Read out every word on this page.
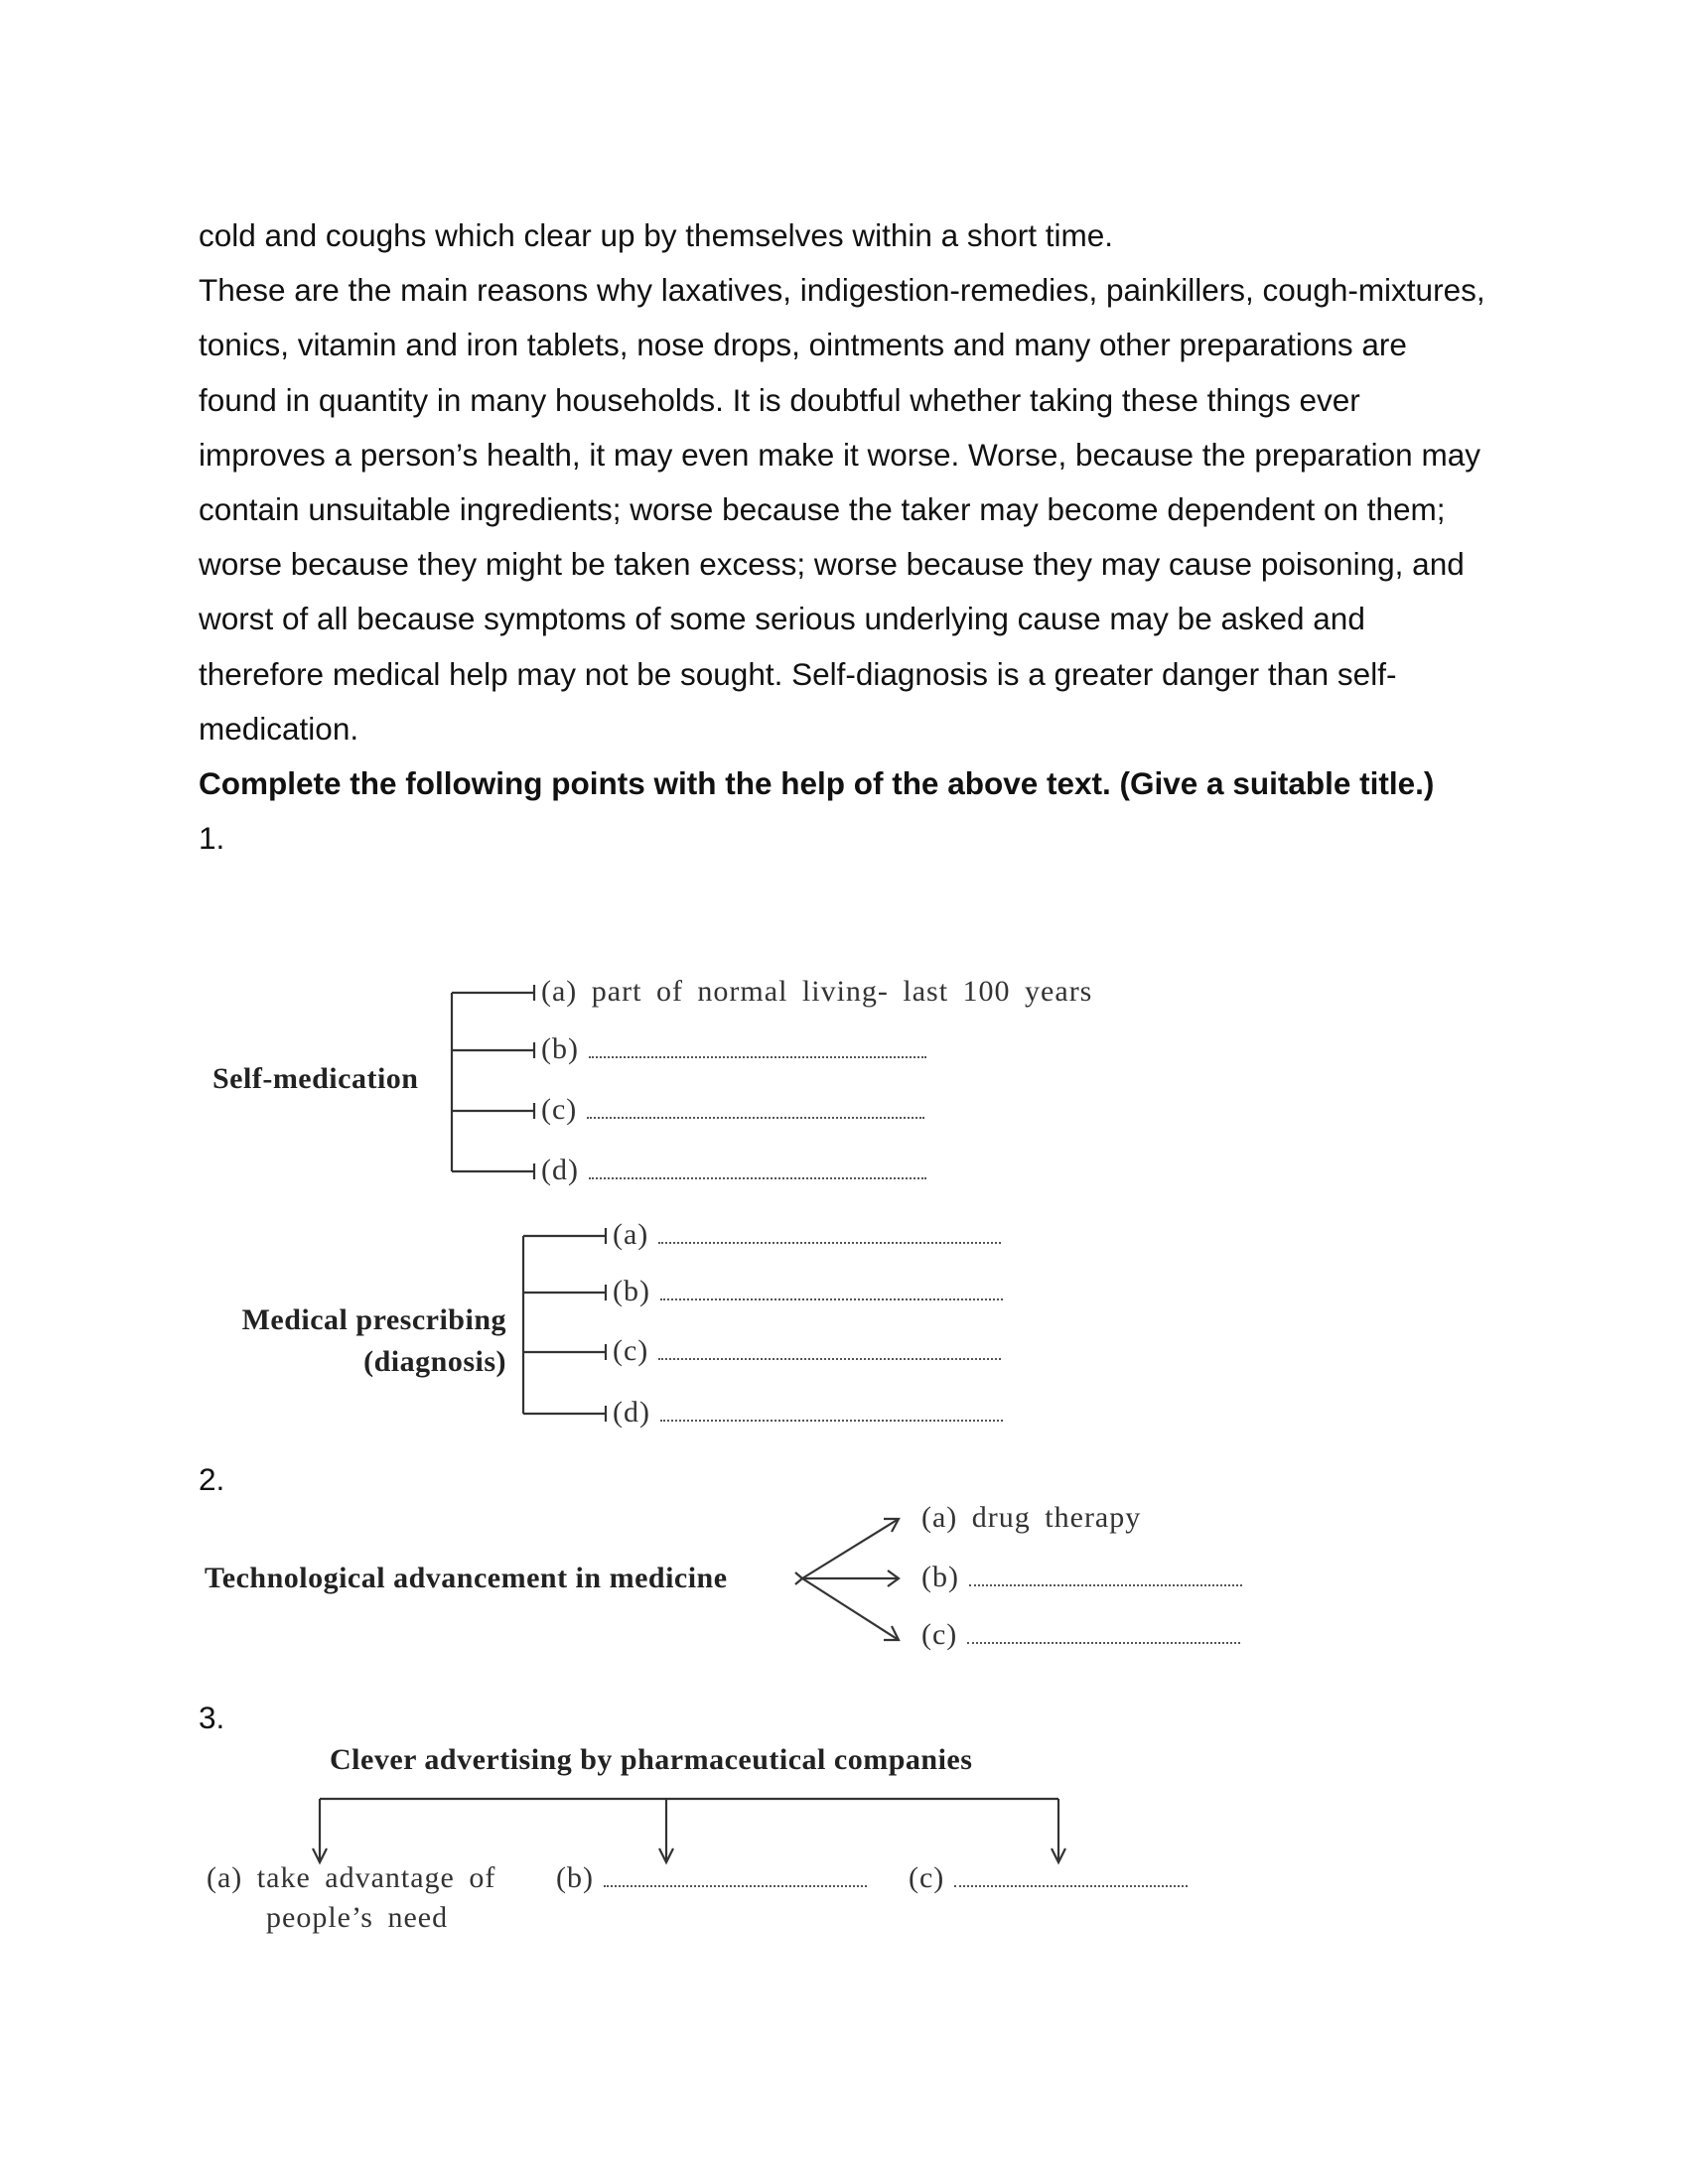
cold and coughs which clear up by themselves within a short time.

These are the main reasons why laxatives, indigestion-remedies, painkillers, cough-mixtures, tonics, vitamin and iron tablets, nose drops, ointments and many other preparations are found in quantity in many households. It is doubtful whether taking these things ever improves a person’s health, it may even make it worse. Worse, because the preparation may contain unsuitable ingredients; worse because the taker may become dependent on them; worse because they might be taken excess; worse because they may cause poisoning, and worst of all because symptoms of some serious underlying cause may be asked and therefore medical help may not be sought. Self-diagnosis is a greater danger than self-medication.

Complete the following points with the help of the above text. (Give a suitable title.)

1.

Self-medication
(a) part of normal living- last 100 years
(b)
(c)
(d)
Medical prescribing
(diagnosis)
(a)
(b)
(c)
(d)
2.
Technological advancement in medicine
(a) drug therapy
(b)
(c)
3.
Clever advertising by pharmaceutical companies
(a) take advantage of
people’s need
(b)	(c)
